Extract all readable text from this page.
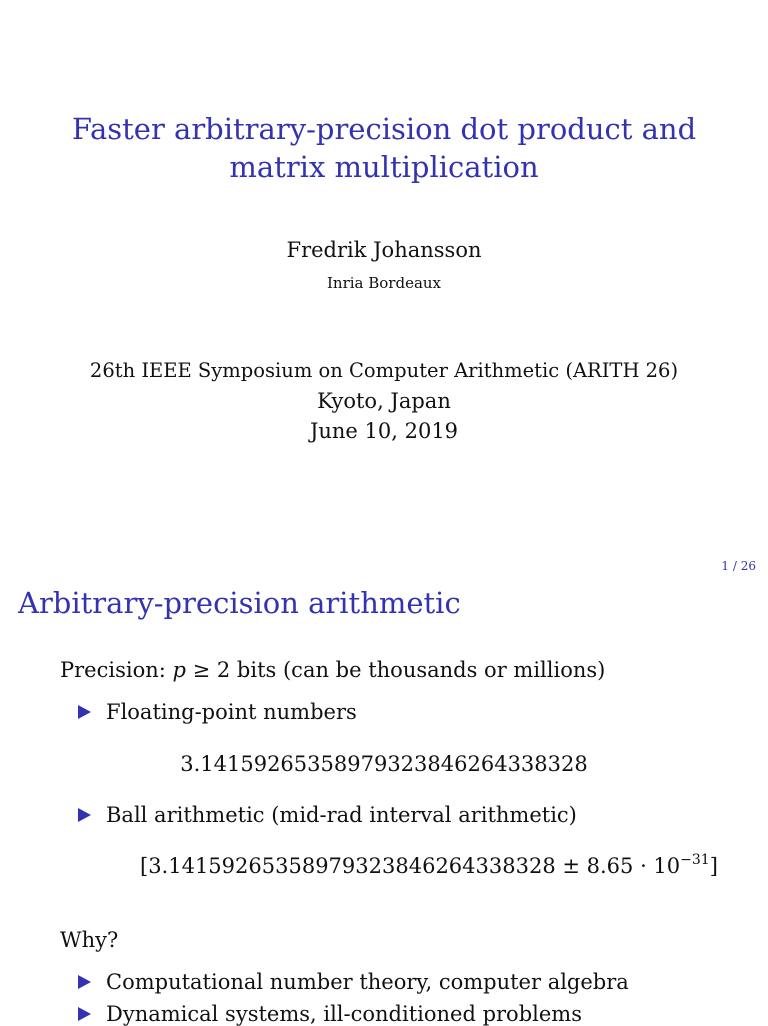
Faster arbitrary-precision dot product and
matrix multiplication
Fredrik Johansson
Inria Bordeaux
26th IEEE Symposium on Computer Arithmetic (ARITH 26)
Kyoto, Japan
June 10, 2019
1 / 26
Arbitrary-precision arithmetic
Precision: p ≥ 2 bits (can be thousands or millions)
Floating-point numbers
3.14159265358979323846264338328
Ball arithmetic (mid-rad interval arithmetic)
$[3.14159265358979323846264338328 \pm 8.65 \cdot 10^{-31}]$
Why?
Computational number theory, computer algebra
Dynamical systems, ill-conditioned problems
